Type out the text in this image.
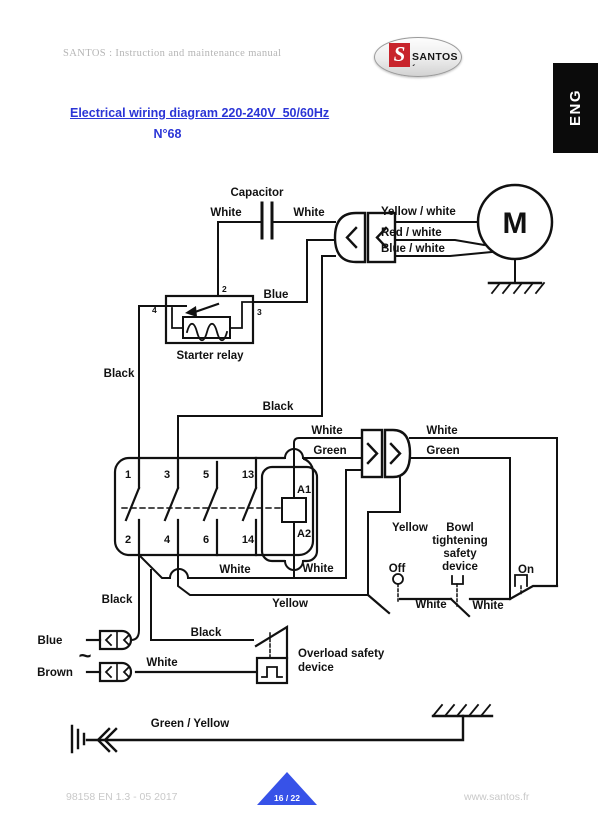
SANTOS : Instruction and maintenance manual	S SANTOS´
ENG
Electrical wiring diagram 220-240V  50/60Hz
N°68
Capacitor
White	White	Yellow / white
Red / white
Blue / white
M
2	Blue
4	3
Starter relay
Black
Black
White
Green
White
Green
1	3	5	13
2	4	6	14
A1
A2
White	White
Yellow
Black
Black
Blue
~
Brown
White
Overload safety
device
Yellow Bowl
tightening
safety
device
Off	On
White White
Green / Yellow
98158 EN 1.3 - 05 2017	16 / 22	www.santos.fr
